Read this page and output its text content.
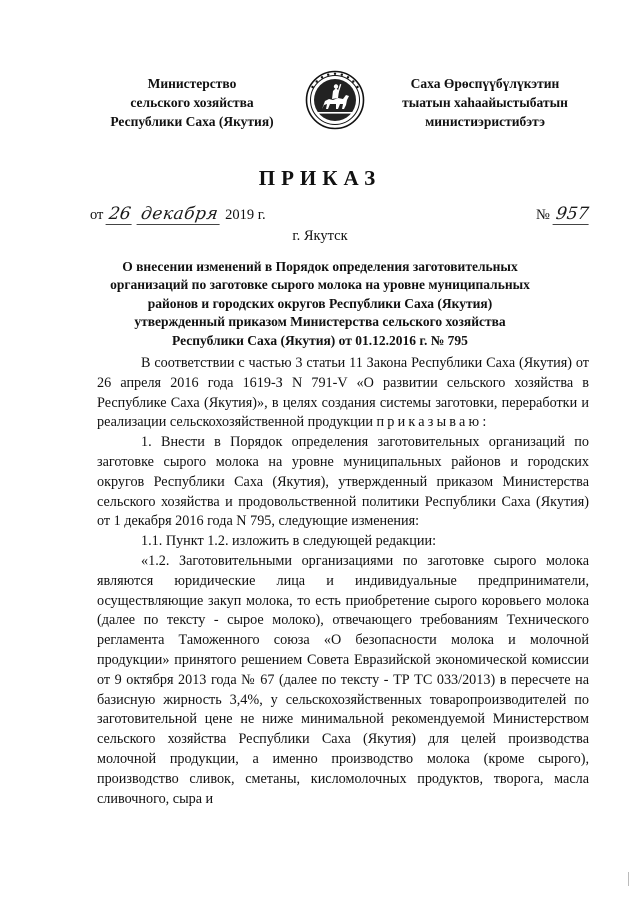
Министерство
сельского хозяйства
Республики Саха (Якутия)
Саха Өрөспүүбүлүкэтин
тыатын хаһаайыстыбатын
министиэристибэтэ
ПРИКАЗ
от 26 декабря 2019 г.	№ 957
г. Якутск
О внесении изменений в Порядок определения заготовительных
организаций по заготовке сырого молока на уровне муниципальных
районов и городских округов Республики Саха (Якутия)
утвержденный приказом Министерства сельского хозяйства
Республики Саха (Якутия) от 01.12.2016 г. № 795

В соответствии с частью 3 статьи 11 Закона Республики Саха (Якутия) от 26 апреля 2016 года 1619-З N 791-V «О развитии сельского хозяйства в Республике Саха (Якутия)», в целях создания системы заготовки, переработки и реализации сельскохозяйственной продукции приказываю:

1. Внести в Порядок определения заготовительных организаций по заготовке сырого молока на уровне муниципальных районов и городских округов Республики Саха (Якутия), утвержденный приказом Министерства сельского хозяйства и продовольственной политики Республики Саха (Якутия) от 1 декабря 2016 года N 795, следующие изменения:

1.1. Пункт 1.2. изложить в следующей редакции:

«1.2. Заготовительными организациями по заготовке сырого молока являются юридические лица и индивидуальные предприниматели, осуществляющие закуп молока, то есть приобретение сырого коровьего молока (далее по тексту - сырое молоко), отвечающего требованиям Технического регламента Таможенного союза «О безопасности молока и молочной продукции» принятого решением Совета Евразийской экономической комиссии от 9 октября 2013 года № 67 (далее по тексту - ТР ТС 033/2013) в пересчете на базисную жирность 3,4%, у сельскохозяйственных товаропроизводителей по заготовительной цене не ниже минимальной рекомендуемой Министерством сельского хозяйства Республики Саха (Якутия) для целей производства молочной продукции, а именно производство молока (кроме сырого), производство сливок, сметаны, кисломолочных продуктов, творога, масла сливочного, сыра и
